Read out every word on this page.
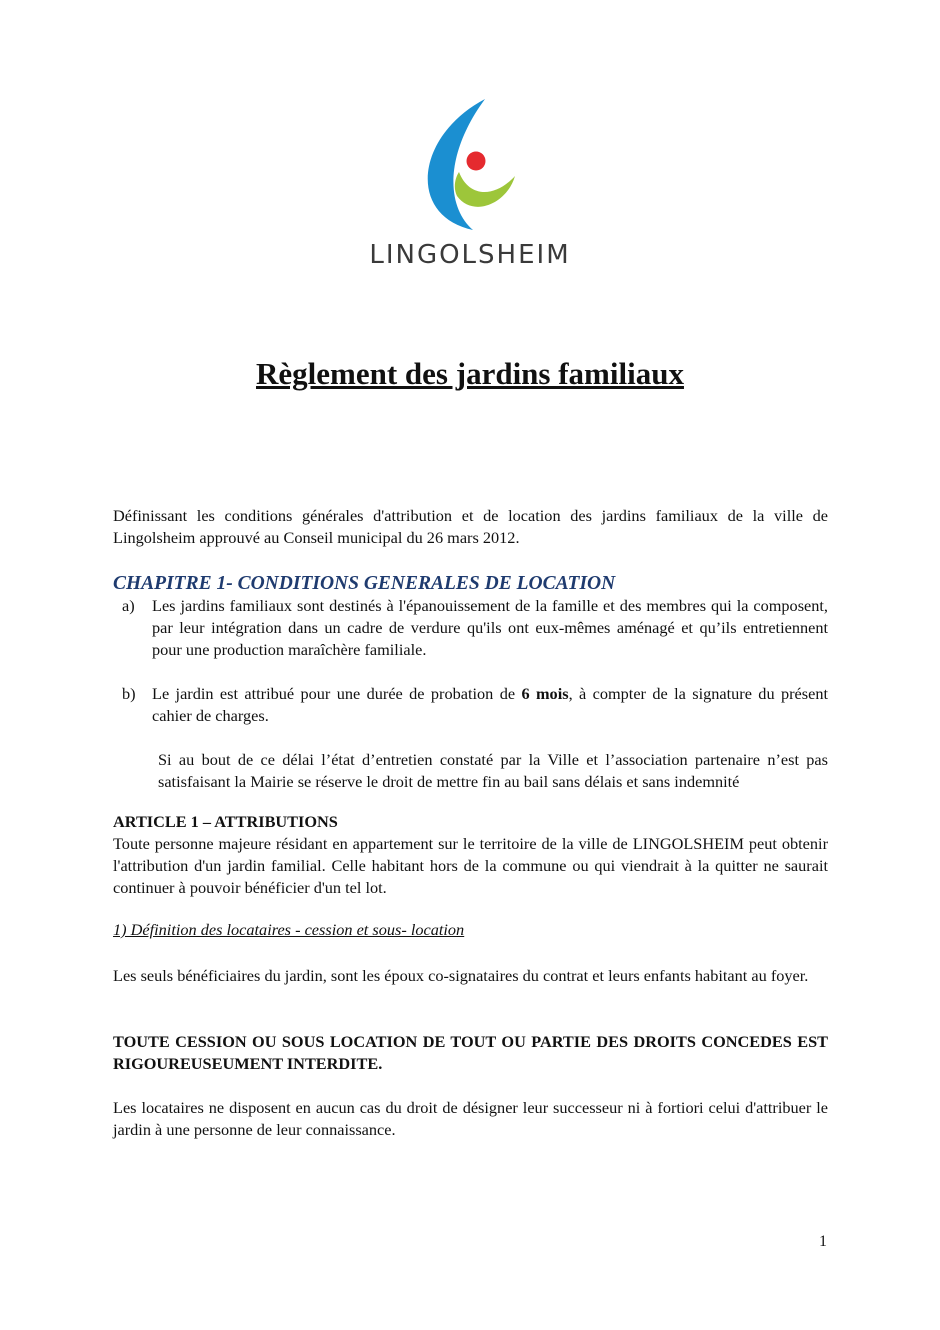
LINGOLSHEIM
Règlement des jardins familiaux

Définissant les conditions générales d'attribution et de location des jardins familiaux de la ville de Lingolsheim approuvé au Conseil municipal du 26 mars 2012.

CHAPITRE 1- CONDITIONS GENERALES DE LOCATION

a) Les jardins familiaux sont destinés à l'épanouissement de la famille et des membres qui la composent, par leur intégration dans un cadre de verdure qu'ils ont eux-mêmes aménagé et qu’ils entretiennent pour une production maraîchère familiale.
b) Le jardin est attribué pour une durée de probation de 6 mois, à compter de la signature du présent cahier de charges.

Si au bout de ce délai l’état d’entretien constaté par la Ville et l’association partenaire n’est pas satisfaisant la Mairie se réserve le droit de mettre fin au bail sans délais et sans indemnité

ARTICLE 1 – ATTRIBUTIONS

Toute personne majeure résidant en appartement sur le territoire de la ville de LINGOLSHEIM peut obtenir l'attribution d'un jardin familial. Celle habitant hors de la commune ou qui viendrait à la quitter ne saurait continuer à pouvoir bénéficier d'un tel lot.

1) Définition des locataires - cession et sous- location

Les seuls bénéficiaires du jardin, sont les époux co-signataires du contrat et leurs enfants habitant au foyer.

TOUTE CESSION OU SOUS LOCATION DE TOUT OU PARTIE DES DROITS CONCEDES EST RIGOUREUSEUMENT INTERDITE.

Les locataires ne disposent en aucun cas du droit de désigner leur successeur ni à fortiori celui d'attribuer le jardin à une personne de leur connaissance.

1
